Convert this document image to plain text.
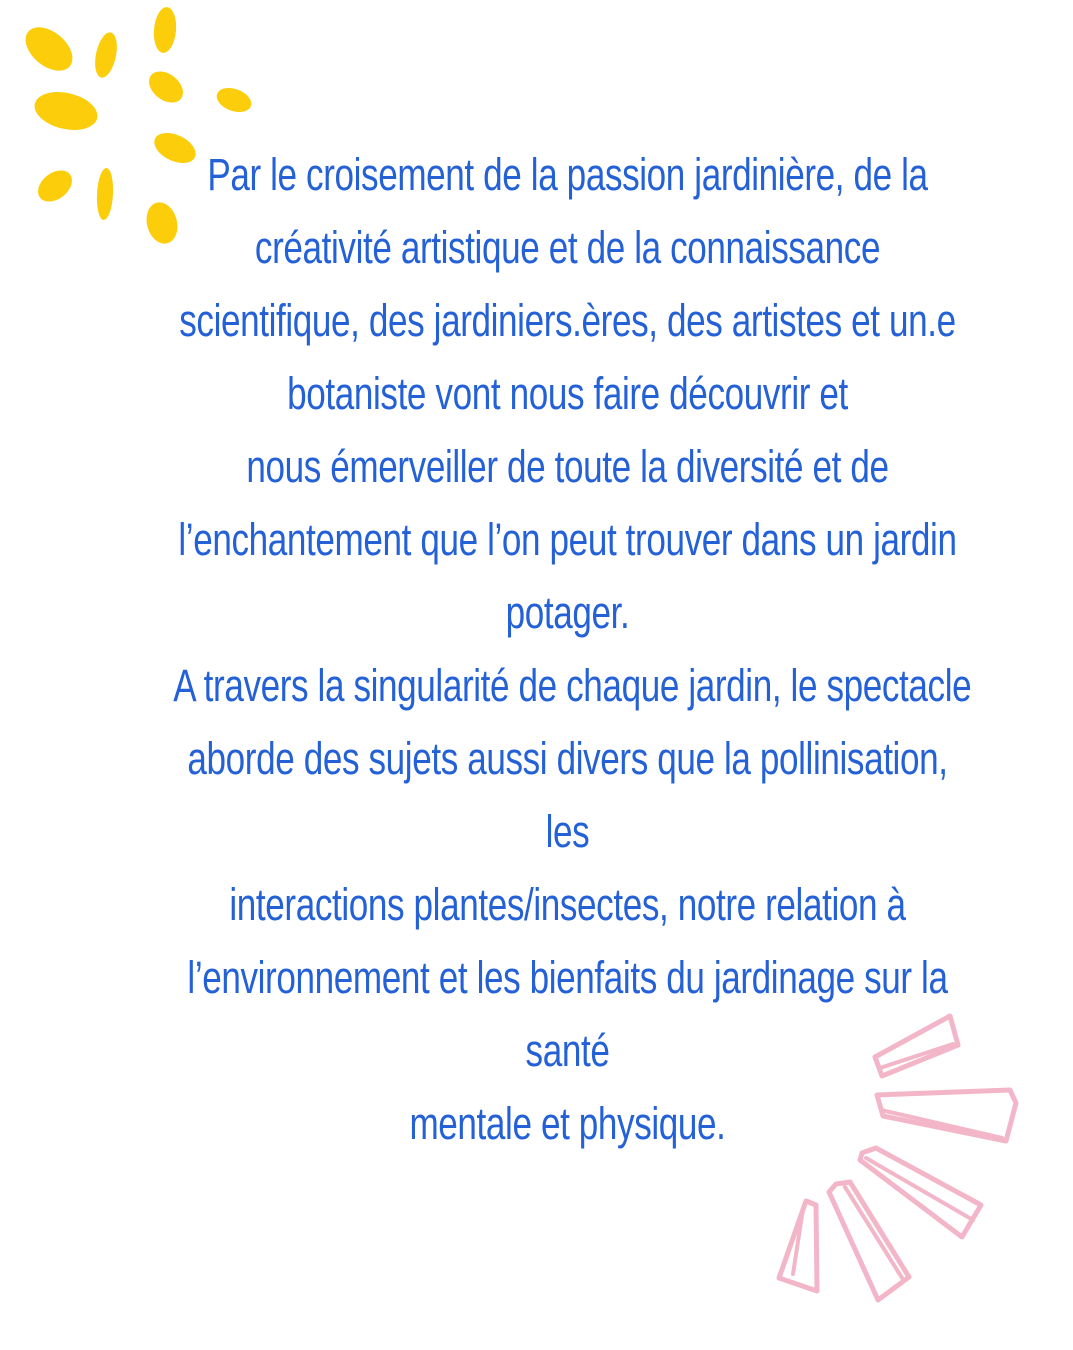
Par le croisement de la passion jardinière, de la
créativité artistique et de la connaissance
scientifique, des jardiniers.ères, des artistes et un.e
botaniste vont nous faire découvrir et
nous émerveiller de toute la diversité et de
l’enchantement que l’on peut trouver dans un jardin
potager.
A travers la singularité de chaque jardin, le spectacle
aborde des sujets aussi divers que la pollinisation,
les
interactions plantes/insectes, notre relation à
l’environnement et les bienfaits du jardinage sur la
santé
mentale et physique.
